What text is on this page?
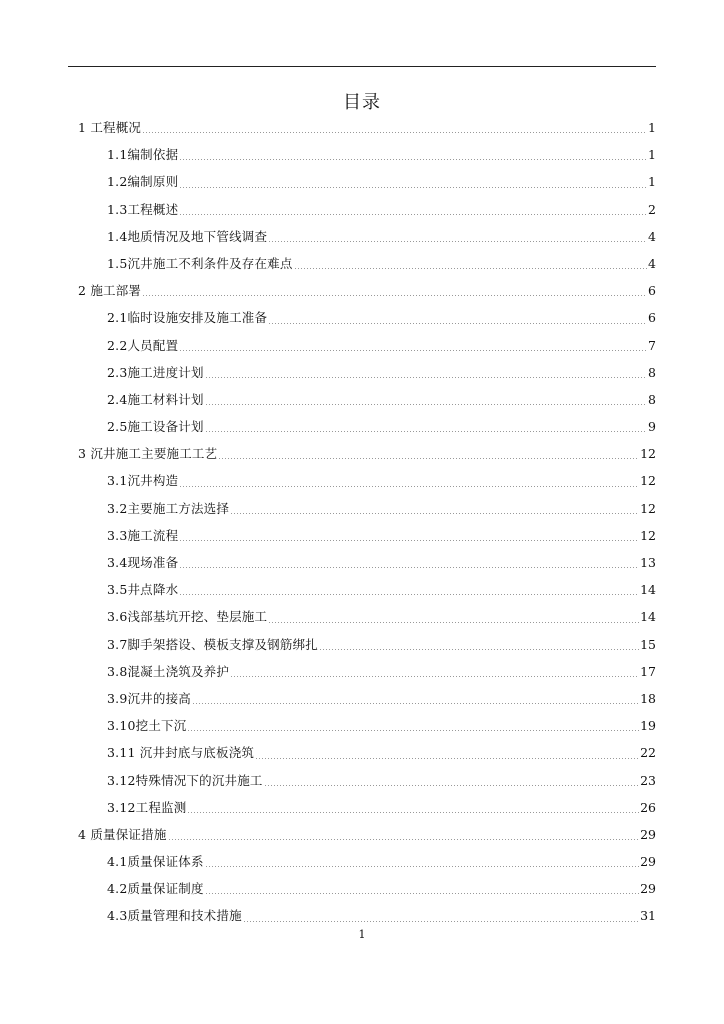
目录
1 工程概况	1
1.1编制依据	1
1.2编制原则	1
1.3工程概述	2
1.4地质情况及地下管线调查	4
1.5沉井施工不利条件及存在难点	4
2 施工部署	6
2.1临时设施安排及施工准备	6
2.2人员配置	7
2.3施工进度计划	8
2.4施工材料计划	8
2.5施工设备计划	9
3 沉井施工主要施工工艺	12
3.1沉井构造	12
3.2主要施工方法选择	12
3.3施工流程	12
3.4现场准备	13
3.5井点降水	14
3.6浅部基坑开挖、垫层施工	14
3.7脚手架搭设、模板支撑及钢筋绑扎	15
3.8混凝土浇筑及养护	17
3.9沉井的接高	18
3.10挖土下沉	19
3.11 沉井封底与底板浇筑	22
3.12特殊情况下的沉井施工	23
3.12工程监测	26
4 质量保证措施	29
4.1质量保证体系	29
4.2质量保证制度	29
4.3质量管理和技术措施	31
1
